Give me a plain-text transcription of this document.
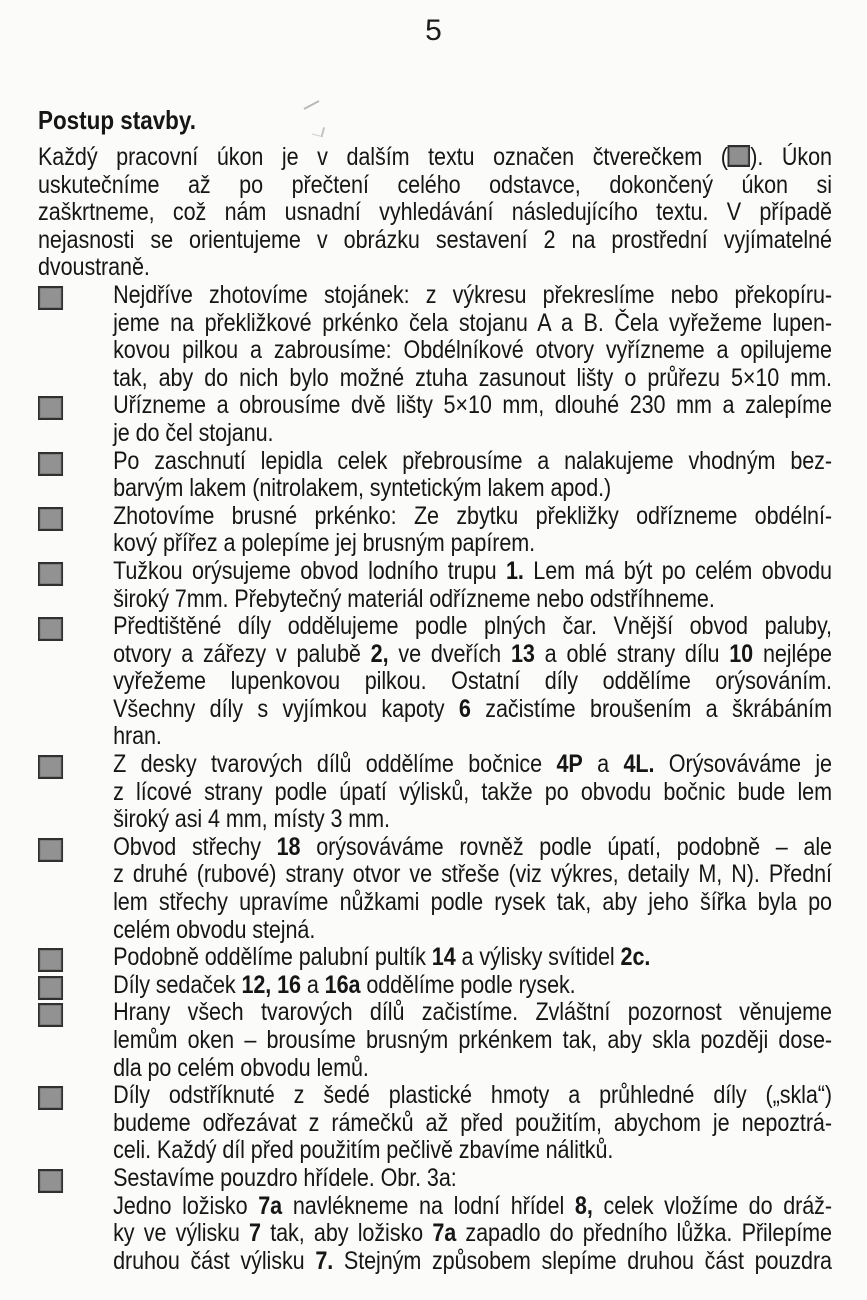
5
Postup stavby.
Každý pracovní úkon je v dalším textu označen čtverečkem ( ). Úkon
uskutečníme až po přečtení celého odstavce, dokončený úkon si
zaškrtneme, což nám usnadní vyhledávání následujícího textu. V případě
nejasnosti se orientujeme v obrázku sestavení 2 na prostřední vyjímatelné
dvoustraně.
Nejdříve zhotovíme stojánek: z výkresu překreslíme nebo překopíru-
jeme na překližkové prkénko čela stojanu A a B. Čela vyřežeme lupen-
kovou pilkou a zabrousíme: Obdélníkové otvory vyřízneme a opilujeme
tak, aby do nich bylo možné ztuha zasunout lišty o průřezu 5×10 mm.
Uřízneme a obrousíme dvě lišty 5×10 mm, dlouhé 230 mm a zalepíme
je do čel stojanu.
Po zaschnutí lepidla celek přebrousíme a nalakujeme vhodným bez-
barvým lakem (nitrolakem, syntetickým lakem apod.)
Zhotovíme brusné prkénko: Ze zbytku překližky odřízneme obdélní-
kový přířez a polepíme jej brusným papírem.
Tužkou orýsujeme obvod lodního trupu 1. Lem má být po celém obvodu
široký 7mm. Přebytečný materiál odřízneme nebo odstříhneme.
Předtištěné díly oddělujeme podle plných čar. Vnější obvod paluby,
otvory a zářezy v palubě 2, ve dveřích 13 a oblé strany dílu 10 nejlépe
vyřežeme lupenkovou pilkou. Ostatní díly oddělíme orýsováním.
Všechny díly s vyjímkou kapoty 6 začistíme broušením a škrábáním
hran.
Z desky tvarových dílů oddělíme bočnice 4P a 4L. Orýsováváme je
z lícové strany podle úpatí výlisků, takže po obvodu bočnic bude lem
široký asi 4 mm, místy 3 mm.
Obvod střechy 18 orýsováváme rovněž podle úpatí, podobně – ale
z druhé (rubové) strany otvor ve střeše (viz výkres, detaily M, N). Přední
lem střechy upravíme nůžkami podle rysek tak, aby jeho šířka byla po
celém obvodu stejná.
Podobně oddělíme palubní pultík 14 a výlisky svítidel 2c.
Díly sedaček 12, 16 a 16a oddělíme podle rysek.
Hrany všech tvarových dílů začistíme. Zvláštní pozornost věnujeme
lemům oken – brousíme brusným prkénkem tak, aby skla později dose-
dla po celém obvodu lemů.
Díly odstříknuté z šedé plastické hmoty a průhledné díly („skla“)
budeme odřezávat z rámečků až před použitím, abychom je nepoztrá-
celi. Každý díl před použitím pečlivě zbavíme nálitků.
Sestavíme pouzdro hřídele. Obr. 3a:
Jedno ložisko 7a navlékneme na lodní hřídel 8, celek vložíme do dráž-
ky ve výlisku 7 tak, aby ložisko 7a zapadlo do předního lůžka. Přilepíme
druhou část výlisku 7. Stejným způsobem slepíme druhou část pouzdra
